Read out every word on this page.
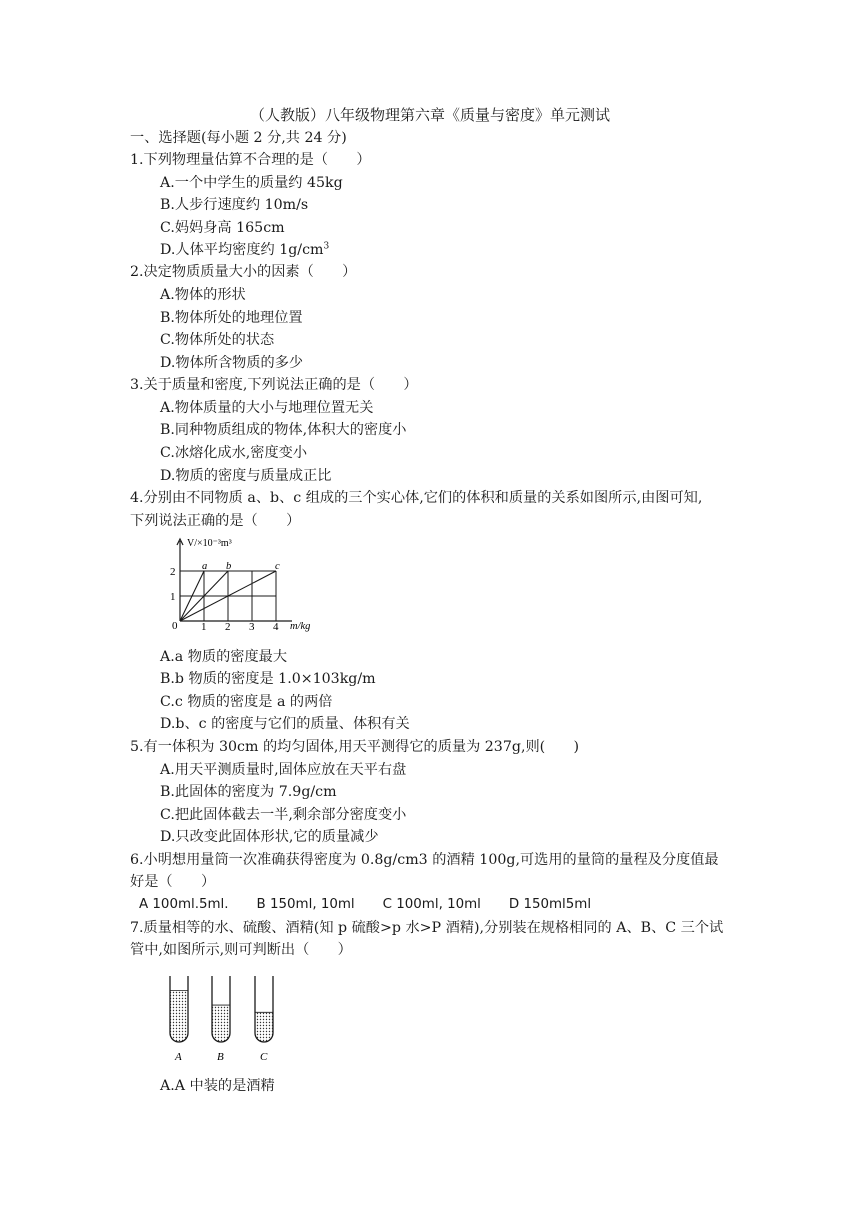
（人教版）八年级物理第六章《质量与密度》单元测试
一、选择题(每小题 2 分,共 24 分)
1.下列物理量估算不合理的是（　　）
A.一个中学生的质量约 45kg
B.人步行速度约 10m/s
C.妈妈身高 165cm
D.人体平均密度约 $1g/cm^3$
2.决定物质质量大小的因素（　　）
A.物体的形状
B.物体所处的地理位置
C.物体所处的状态
D.物体所含物质的多少
3.关于质量和密度,下列说法正确的是（　　）
A.物体质量的大小与地理位置无关
B.同种物质组成的物体,体积大的密度小
C.冰熔化成水,密度变小
D.物质的密度与质量成正比
4.分别由不同物质 a、b、c 组成的三个实心体,它们的体积和质量的关系如图所示,由图可知,
下列说法正确的是（　　）
V/×10⁻³m³
m/kg
0 1 2 3 4
1
2	a b	c
A.a 物质的密度最大
B.b 物质的密度是 1.0×103kg/m
C.c 物质的密度是 a 的两倍
D.b、c 的密度与它们的质量、体积有关
5.有一体积为 30cm 的均匀固体,用天平测得它的质量为 237g,则(　　)
A.用天平测质量时,固体应放在天平右盘
B.此固体的密度为 7.9g/cm
C.把此固体截去一半,剩余部分密度变小
D.只改变此固体形状,它的质量减少
6.小明想用量筒一次准确获得密度为 0.8g/cm3 的酒精 100g,可选用的量筒的量程及分度值最
好是（　　）
A 100ml.5ml. B 150ml, 10ml C 100ml, 10ml D 150ml5ml
7.质量相等的水、硫酸、酒精(知 p 硫酸>p 水>P 酒精),分别装在规格相同的 A、B、C 三个试
管中,如图所示,则可判断出（　　）
A	B	C
A.A 中装的是酒精
